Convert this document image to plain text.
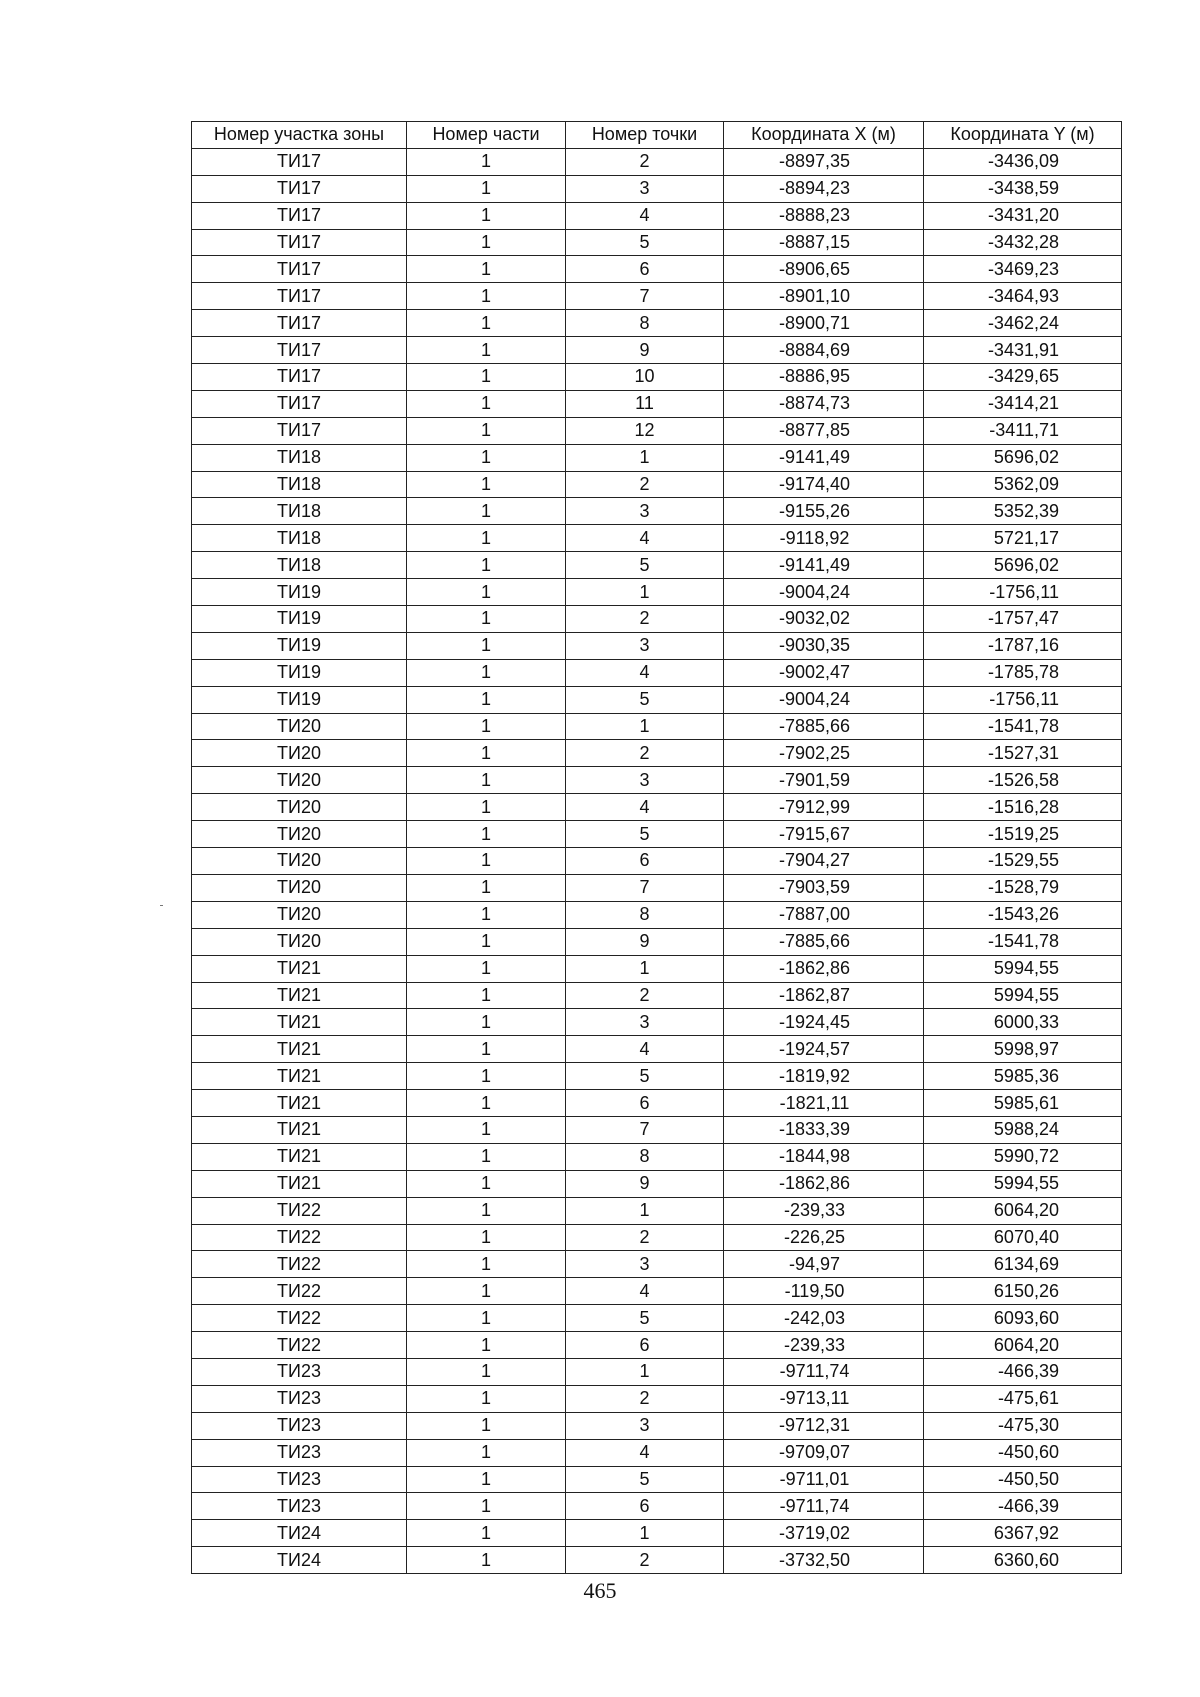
Номер участка зоны	Номер части	Номер точки	Координата X (м)	Координата Y (м)
ТИ17	1	2	-8897,35	-3436,09
ТИ17	1	3	-8894,23	-3438,59
ТИ17	1	4	-8888,23	-3431,20
ТИ17	1	5	-8887,15	-3432,28
ТИ17	1	6	-8906,65	-3469,23
ТИ17	1	7	-8901,10	-3464,93
ТИ17	1	8	-8900,71	-3462,24
ТИ17	1	9	-8884,69	-3431,91
ТИ17	1	10	-8886,95	-3429,65
ТИ17	1	11	-8874,73	-3414,21
ТИ17	1	12	-8877,85	-3411,71
ТИ18	1	1	-9141,49	5696,02
ТИ18	1	2	-9174,40	5362,09
ТИ18	1	3	-9155,26	5352,39
ТИ18	1	4	-9118,92	5721,17
ТИ18	1	5	-9141,49	5696,02
ТИ19	1	1	-9004,24	-1756,11
ТИ19	1	2	-9032,02	-1757,47
ТИ19	1	3	-9030,35	-1787,16
ТИ19	1	4	-9002,47	-1785,78
ТИ19	1	5	-9004,24	-1756,11
ТИ20	1	1	-7885,66	-1541,78
ТИ20	1	2	-7902,25	-1527,31
ТИ20	1	3	-7901,59	-1526,58
ТИ20	1	4	-7912,99	-1516,28
ТИ20	1	5	-7915,67	-1519,25
ТИ20	1	6	-7904,27	-1529,55
ТИ20	1	7	-7903,59	-1528,79
ТИ20	1	8	-7887,00	-1543,26
ТИ20	1	9	-7885,66	-1541,78
ТИ21	1	1	-1862,86	5994,55
ТИ21	1	2	-1862,87	5994,55
ТИ21	1	3	-1924,45	6000,33
ТИ21	1	4	-1924,57	5998,97
ТИ21	1	5	-1819,92	5985,36
ТИ21	1	6	-1821,11	5985,61
ТИ21	1	7	-1833,39	5988,24
ТИ21	1	8	-1844,98	5990,72
ТИ21	1	9	-1862,86	5994,55
ТИ22	1	1	-239,33	6064,20
ТИ22	1	2	-226,25	6070,40
ТИ22	1	3	-94,97	6134,69
ТИ22	1	4	-119,50	6150,26
ТИ22	1	5	-242,03	6093,60
ТИ22	1	6	-239,33	6064,20
ТИ23	1	1	-9711,74	-466,39
ТИ23	1	2	-9713,11	-475,61
ТИ23	1	3	-9712,31	-475,30
ТИ23	1	4	-9709,07	-450,60
ТИ23	1	5	-9711,01	-450,50
ТИ23	1	6	-9711,74	-466,39
ТИ24	1	1	-3719,02	6367,92
ТИ24	1	2	-3732,50	6360,60
465
